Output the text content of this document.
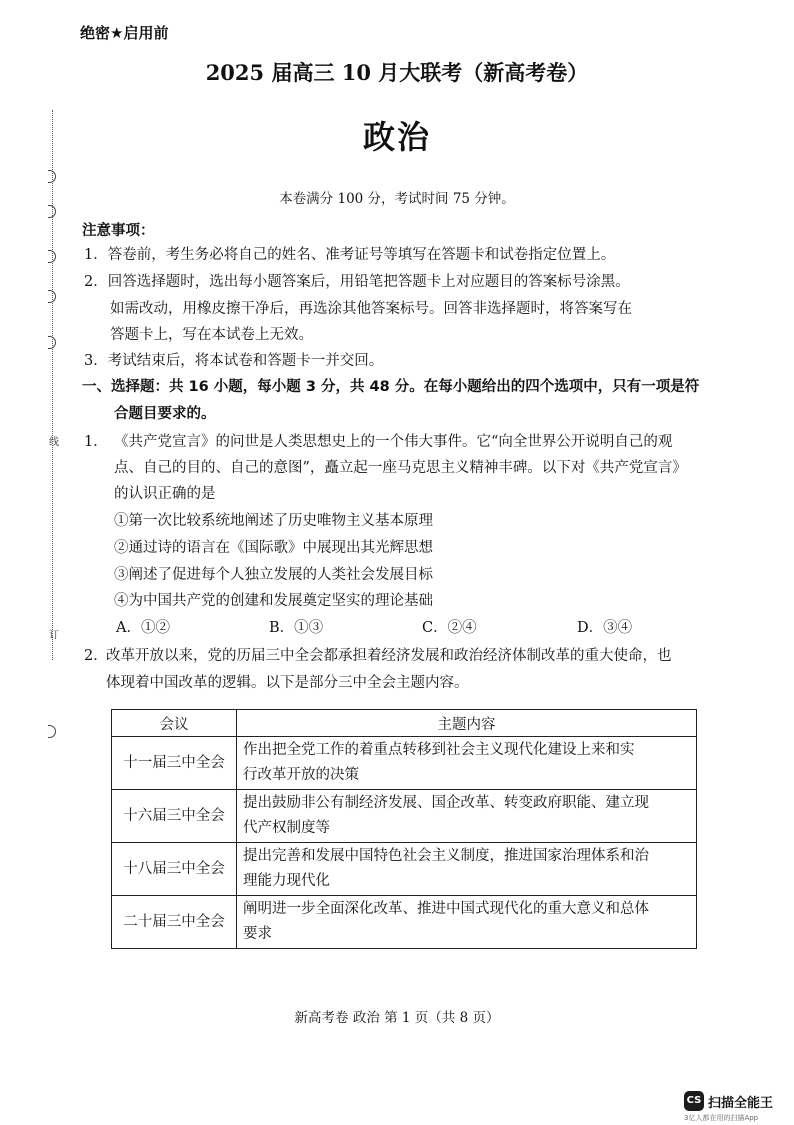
线
订
绝密★启用前
2025 届高三 10 月大联考（新高考卷）
政治
本卷满分 100 分，考试时间 75 分钟。
注意事项：
1．答卷前，考生务必将自己的姓名、准考证号等填写在答题卡和试卷指定位置上。
2．回答选择题时，选出每小题答案后，用铅笔把答题卡上对应题目的答案标号涂黑。
如需改动，用橡皮擦干净后，再选涂其他答案标号。回答非选择题时，将答案写在
答题卡上，写在本试卷上无效。
3．考试结束后，将本试卷和答题卡一并交回。
一、选择题：共 16 小题，每小题 3 分，共 48 分。在每小题给出的四个选项中，只有一项是符
合题目要求的。
1． 《共产党宣言》的问世是人类思想史上的一个伟大事件。它“向全世界公开说明自己的观
点、自己的目的、自己的意图”，矗立起一座马克思主义精神丰碑。以下对《共产党宣言》
的认识正确的是
①第一次比较系统地阐述了历史唯物主义基本原理
②通过诗的语言在《国际歌》中展现出其光辉思想
③阐述了促进每个人独立发展的人类社会发展目标
④为中国共产党的创建和发展奠定坚实的理论基础
A．①②	B．①③	C．②④	D．③④
2．
改革开放以来，党的历届三中全会都承担着经济发展和政治经济体制改革的重大使命，也
体现着中国改革的逻辑。以下是部分三中全会主题内容。
会议	主题内容
十一届三中全会	作出把全党工作的着重点转移到社会主义现代化建设上来和实
行改革开放的决策
十六届三中全会	提出鼓励非公有制经济发展、国企改革、转变政府职能、建立现
代产权制度等
十八届三中全会	提出完善和发展中国特色社会主义制度，推进国家治理体系和治
理能力现代化
二十届三中全会	阐明进一步全面深化改革、推进中国式现代化的重大意义和总体
要求
新高考卷 政治 第 1 页（共 8 页）
CS 扫描全能王
3亿人都在用的扫描App
